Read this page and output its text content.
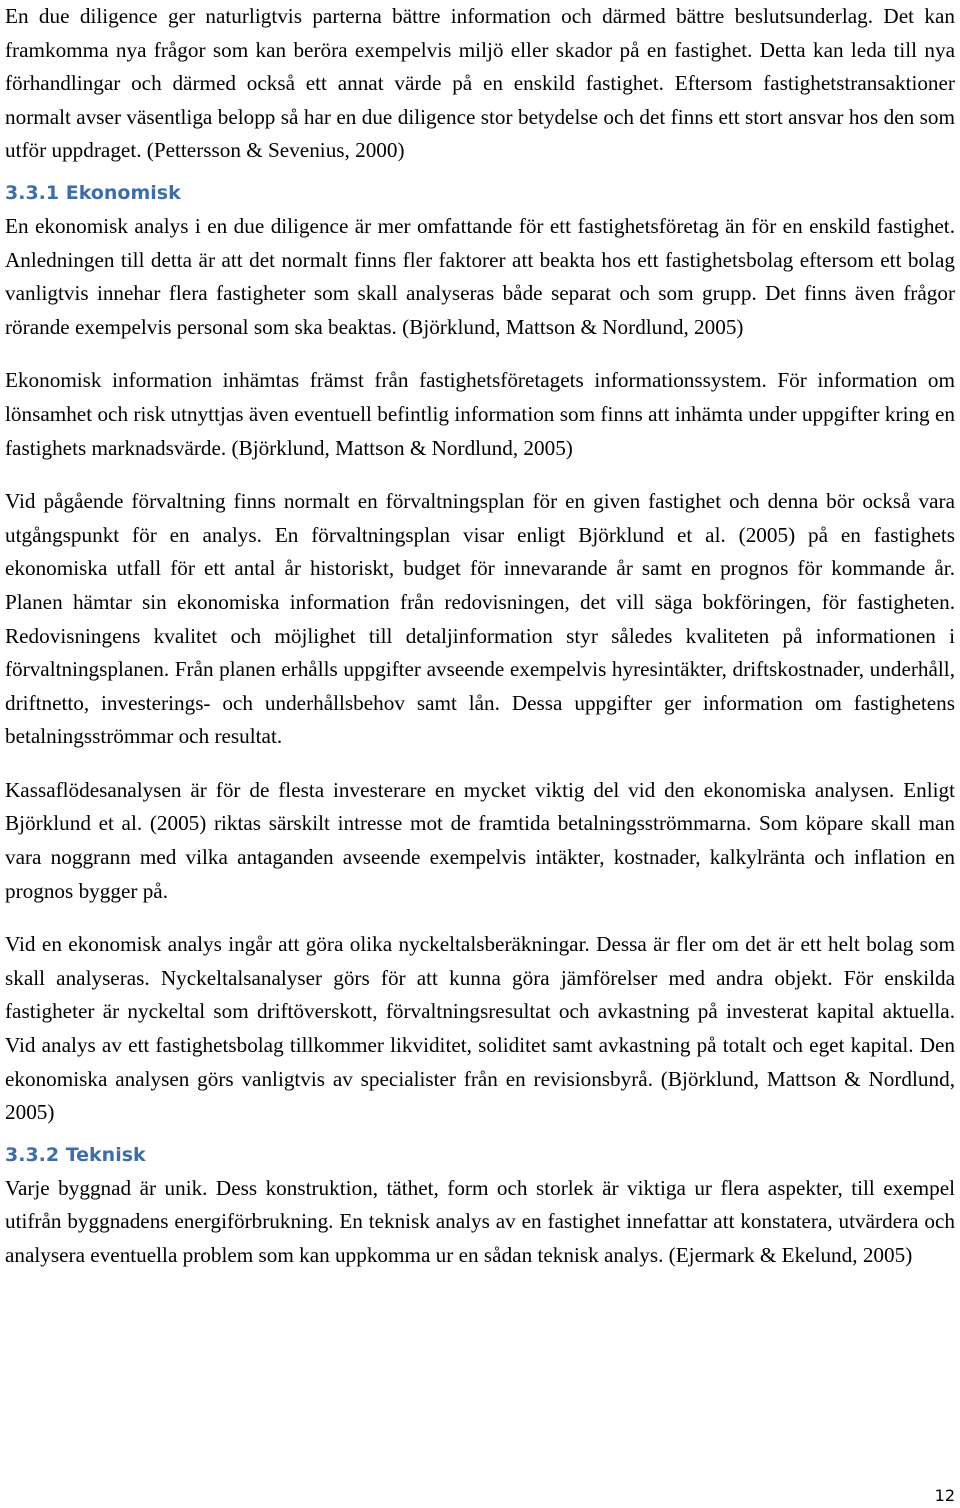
En due diligence ger naturligtvis parterna bättre information och därmed bättre beslutsunderlag. Det kan framkomma nya frågor som kan beröra exempelvis miljö eller skador på en fastighet. Detta kan leda till nya förhandlingar och därmed också ett annat värde på en enskild fastighet. Eftersom fastighetstransaktioner normalt avser väsentliga belopp så har en due diligence stor betydelse och det finns ett stort ansvar hos den som utför uppdraget. (Pettersson & Sevenius, 2000)

3.3.1 Ekonomisk

En ekonomisk analys i en due diligence är mer omfattande för ett fastighetsföretag än för en enskild fastighet. Anledningen till detta är att det normalt finns fler faktorer att beakta hos ett fastighetsbolag eftersom ett bolag vanligtvis innehar flera fastigheter som skall analyseras både separat och som grupp. Det finns även frågor rörande exempelvis personal som ska beaktas. (Björklund, Mattson & Nordlund, 2005)

Ekonomisk information inhämtas främst från fastighetsföretagets informationssystem. För information om lönsamhet och risk utnyttjas även eventuell befintlig information som finns att inhämta under uppgifter kring en fastighets marknadsvärde. (Björklund, Mattson & Nordlund, 2005)

Vid pågående förvaltning finns normalt en förvaltningsplan för en given fastighet och denna bör också vara utgångspunkt för en analys. En förvaltningsplan visar enligt Björklund et al. (2005) på en fastighets ekonomiska utfall för ett antal år historiskt, budget för innevarande år samt en prognos för kommande år. Planen hämtar sin ekonomiska information från redovisningen, det vill säga bokföringen, för fastigheten. Redovisningens kvalitet och möjlighet till detaljinformation styr således kvaliteten på informationen i förvaltningsplanen. Från planen erhålls uppgifter avseende exempelvis hyresintäkter, driftskostnader, underhåll, driftnetto, investerings- och underhållsbehov samt lån. Dessa uppgifter ger information om fastighetens betalningsströmmar och resultat.

Kassaflödesanalysen är för de flesta investerare en mycket viktig del vid den ekonomiska analysen. Enligt Björklund et al. (2005) riktas särskilt intresse mot de framtida betalningsströmmarna. Som köpare skall man vara noggrann med vilka antaganden avseende exempelvis intäkter, kostnader, kalkylränta och inflation en prognos bygger på.

Vid en ekonomisk analys ingår att göra olika nyckeltalsberäkningar. Dessa är fler om det är ett helt bolag som skall analyseras. Nyckeltalsanalyser görs för att kunna göra jämförelser med andra objekt. För enskilda fastigheter är nyckeltal som driftöverskott, förvaltningsresultat och avkastning på investerat kapital aktuella. Vid analys av ett fastighetsbolag tillkommer likviditet, soliditet samt avkastning på totalt och eget kapital. Den ekonomiska analysen görs vanligtvis av specialister från en revisionsbyrå. (Björklund, Mattson & Nordlund, 2005)

3.3.2 Teknisk

Varje byggnad är unik. Dess konstruktion, täthet, form och storlek är viktiga ur flera aspekter, till exempel utifrån byggnadens energiförbrukning. En teknisk analys av en fastighet innefattar att konstatera, utvärdera och analysera eventuella problem som kan uppkomma ur en sådan teknisk analys. (Ejermark & Ekelund, 2005)

12
